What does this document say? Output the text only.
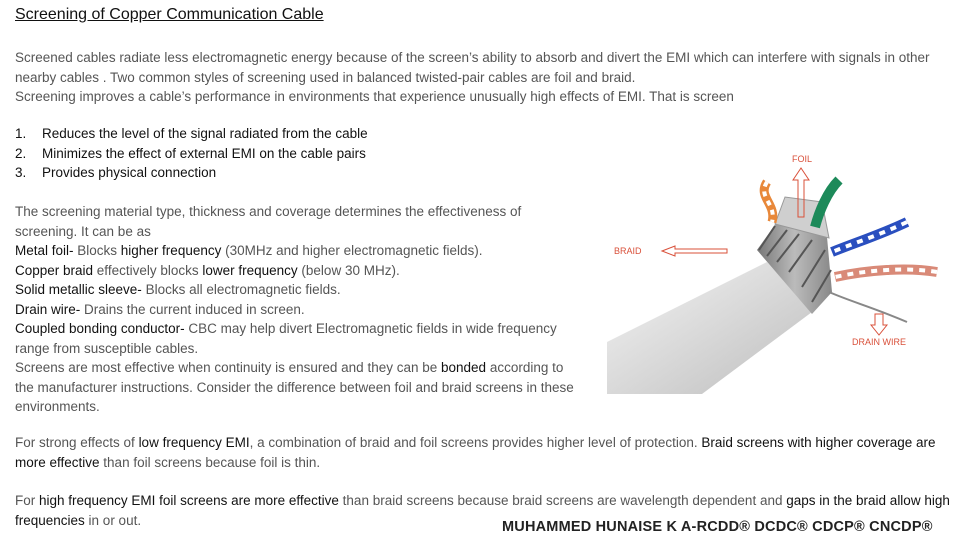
Screening of Copper Communication Cable

Screened cables radiate less electromagnetic energy because of the screen’s ability to absorb and divert the EMI which can interfere with signals in other nearby cables . Two common styles of screening used in balanced twisted-pair cables are foil and braid.
Screening improves a cable’s performance in environments that experience unusually high effects of EMI. That is screen

1.	Reduces the level of the signal radiated from the cable
2.	Minimizes the effect of external EMI on the cable pairs
3.	Provides physical connection

The screening material type, thickness and coverage determines the effectiveness of screening. It can be as
Metal foil- Blocks higher frequency (30MHz and higher electromagnetic fields).
Copper braid effectively blocks lower frequency (below 30 MHz).
Solid metallic sleeve- Blocks all electromagnetic fields.
Drain wire- Drains the current induced in screen.
Coupled bonding conductor- CBC may help divert Electromagnetic fields in wide frequency range from susceptible cables.
Screens are most effective when continuity is ensured and they can be bonded according to the manufacturer instructions. Consider the difference between foil and braid screens in these environments.

For strong effects of low frequency EMI, a combination of braid and foil screens provides higher level of protection. Braid screens with higher coverage are more effective than foil screens because foil is thin.

For high frequency EMI foil screens are more effective than braid screens because braid screens are wavelength dependent and gaps in the braid allow high frequencies in or out.	MUHAMMED HUNAISE K A-RCDD® DCDC® CDCP® CNCDP®
FOIL
BRAID
DRAIN WIRE
